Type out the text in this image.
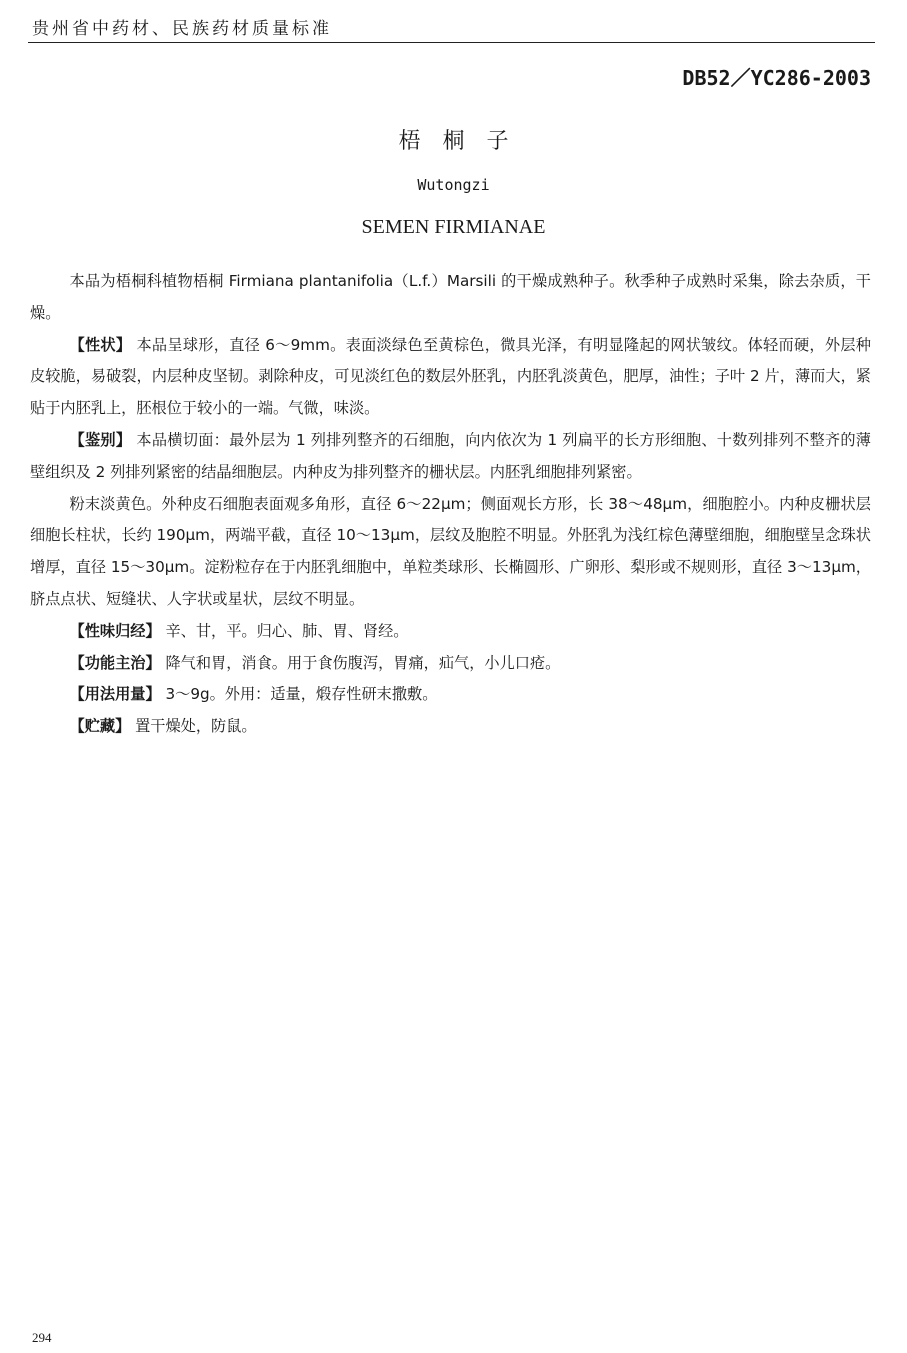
贵州省中药材、民族药材质量标准
DB52／YC286-2003
梧桐子
Wutongzi
SEMEN FIRMIANAE

本品为梧桐科植物梧桐 Firmiana plantanifolia（L.f.）Marsili 的干燥成熟种子。秋季种子成熟时采集，除去杂质，干燥。

【性状】 本品呈球形，直径 6～9mm。表面淡绿色至黄棕色，微具光泽，有明显隆起的网状皱纹。体轻而硬，外层种皮较脆，易破裂，内层种皮坚韧。剥除种皮，可见淡红色的数层外胚乳，内胚乳淡黄色，肥厚，油性；子叶 2 片，薄而大，紧贴于内胚乳上，胚根位于较小的一端。气微，味淡。

【鉴别】 本品横切面：最外层为 1 列排列整齐的石细胞，向内依次为 1 列扁平的长方形细胞、十数列排列不整齐的薄壁组织及 2 列排列紧密的结晶细胞层。内种皮为排列整齐的栅状层。内胚乳细胞排列紧密。

粉末淡黄色。外种皮石细胞表面观多角形，直径 6～22μm；侧面观长方形，长 38～48μm，细胞腔小。内种皮栅状层细胞长柱状，长约 190μm，两端平截，直径 10～13μm，层纹及胞腔不明显。外胚乳为浅红棕色薄壁细胞，细胞壁呈念珠状增厚，直径 15～30μm。淀粉粒存在于内胚乳细胞中，单粒类球形、长椭圆形、广卵形、梨形或不规则形，直径 3～13μm，脐点点状、短缝状、人字状或星状，层纹不明显。

【性味归经】 辛、甘，平。归心、肺、胃、肾经。

【功能主治】 降气和胃，消食。用于食伤腹泻，胃痛，疝气，小儿口疮。

【用法用量】 3～9g。外用：适量，煅存性研末撒敷。

【贮藏】 置干燥处，防鼠。

294
